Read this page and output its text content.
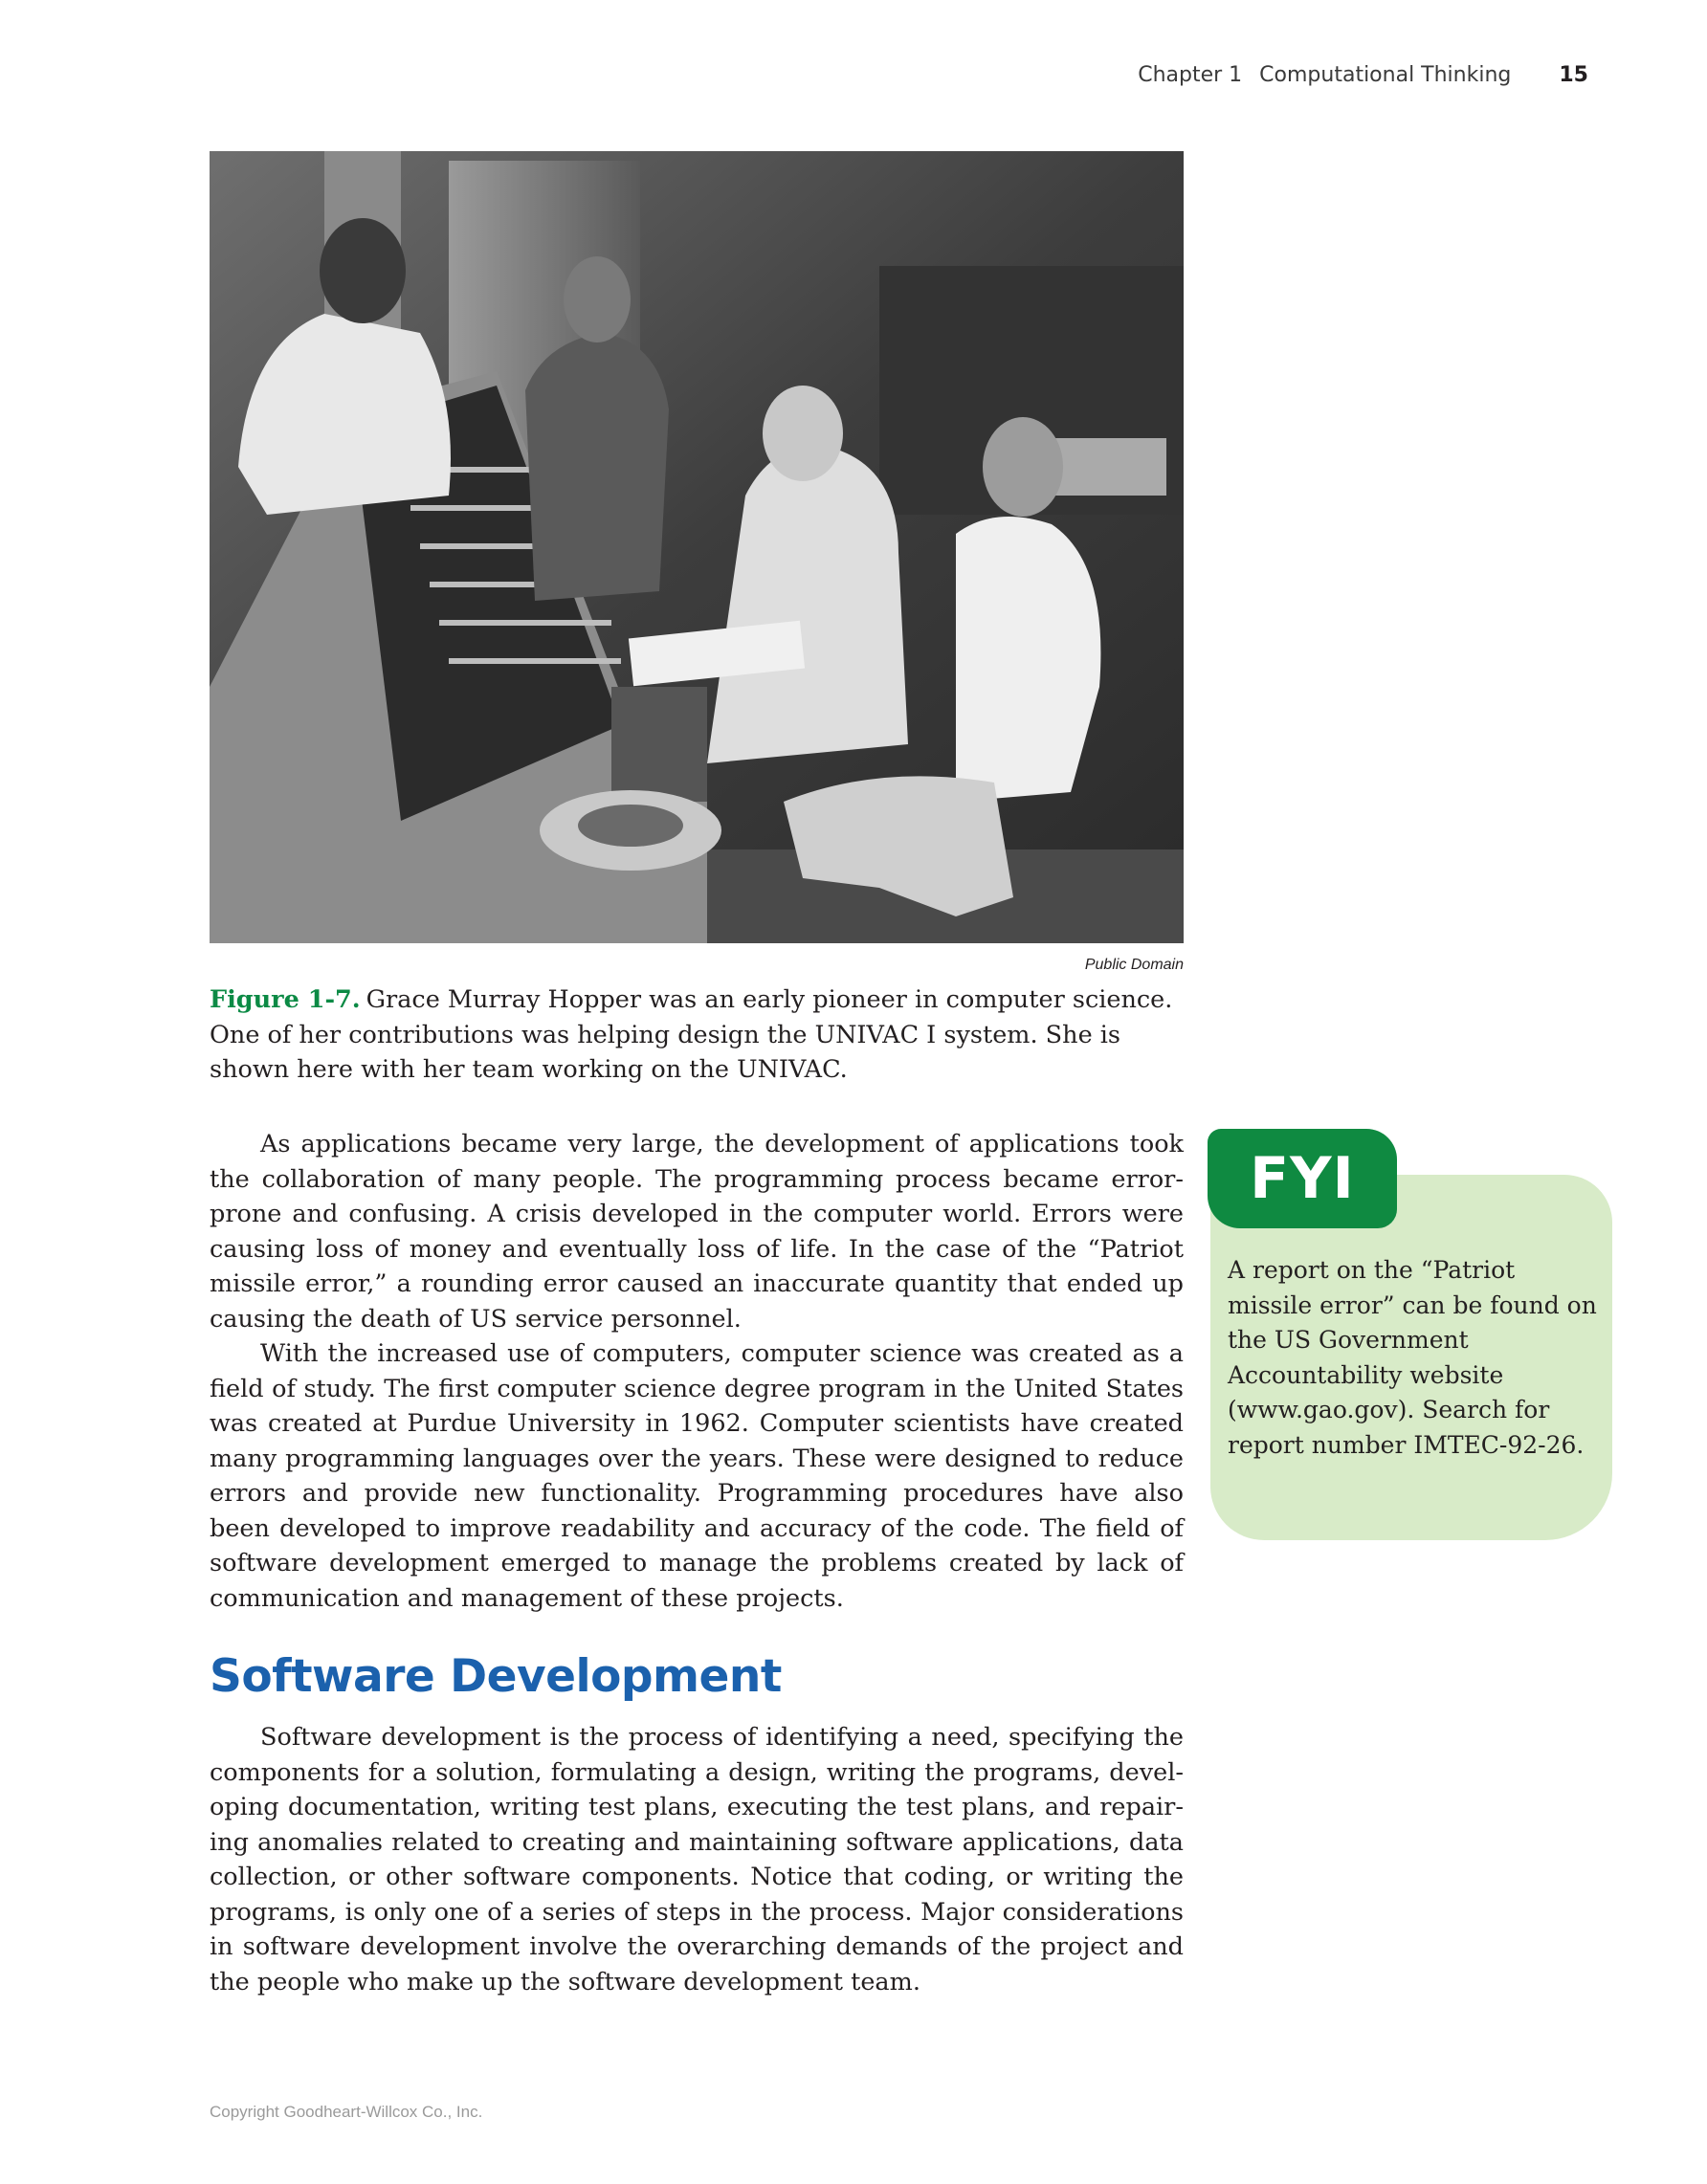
Chapter 1 Computational Thinking 15
Public Domain
Figure 1-7. Grace Murray Hopper was an early pioneer in computer science. One of her contributions was helping design the UNIVAC I system. She is shown here with her team working on the UNIVAC.

As applications became very large, the development of applications took the collaboration of many people. The programming process became error-prone and confusing. A crisis developed in the computer world. Errors were causing loss of money and eventually loss of life. In the case of the “Patriot missile error,” a rounding error caused an inaccurate quantity that ended up causing the death of US service personnel.

With the increased use of computers, computer science was created as a field of study. The first computer science degree program in the United States was created at Purdue University in 1962. Computer scientists have created many programming languages over the years. These were designed to reduce errors and provide new functionality. Programming procedures have also been developed to improve readability and accuracy of the code. The field of software development emerged to manage the problems created by lack of communication and management of these projects.

Software Development

Software development is the process of identifying a need, specifying the components for a solution, formulating a design, writing the programs, developing documentation, writing test plans, executing the test plans, and repairing anomalies related to creating and maintaining software applications, data collection, or other software components. Notice that coding, or writing the programs, is only one of a series of steps in the process. Major considerations in software development involve the overarching demands of the project and the people who make up the software development team.

FYI

A report on the “Patriot missile error” can be found on the US Government Accountability website (www.gao.gov). Search for report number IMTEC-92-26.

Copyright Goodheart-Willcox Co., Inc.
